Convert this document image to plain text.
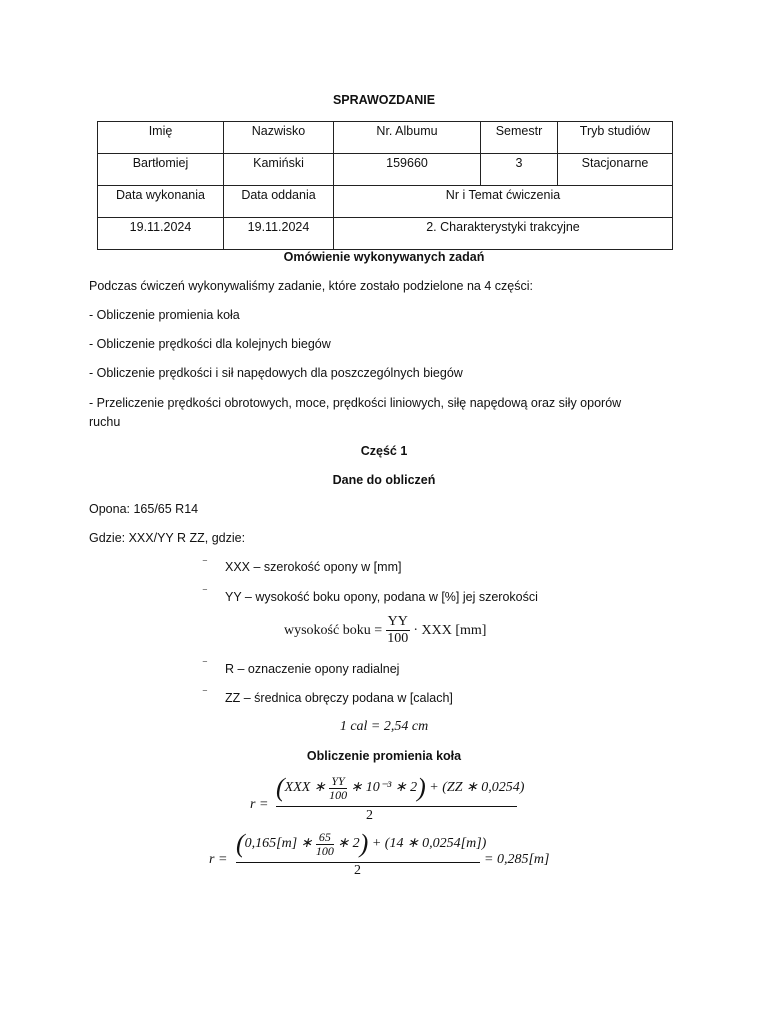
SPRAWOZDANIE
Imię	Nazwisko	Nr. Albumu	Semestr	Tryb studiów
Bartłomiej	Kamiński	159660	3	Stacjonarne
Data wykonania	Data oddania	Nr i Temat ćwiczenia		
19.11.2024	19.11.2024	2. Charakterystyki trakcyjne		
Omówienie wykonywanych zadań
Podczas ćwiczeń wykonywaliśmy zadanie, które zostało podzielone na 4 części:
- Obliczenie promienia koła
- Obliczenie prędkości dla kolejnych biegów
- Obliczenie prędkości i sił napędowych dla poszczególnych biegów
- Przeliczenie prędkości obrotowych, moce, prędkości liniowych, siłę napędową oraz siły oporów
ruchu
Część 1
Dane do obliczeń
Opona: 165/65 R14
Gdzie: XXX/YY R ZZ, gdzie:
⁻ XXX – szerokość opony w [mm]
⁻ YY – wysokość boku opony, podana w [%] jej szerokości
wysokość boku = $\frac{YY}{100}$ · XXX [mm]
⁻ R – oznaczenie opony radialnej
⁻ ZZ – średnica obręczy podana w [calach]
1 cal = 2,54 cm
Obliczenie promienia koła
r =
(XXX ∗ $\frac{YY}{100}$ ∗ 10⁻³ ∗ 2) + (ZZ ∗ 0,0254)
2
r =
(0,165[m] ∗ $\frac{65}{100}$ ∗ 2) + (14 ∗ 0,0254[m])
2
= 0,285[m]
